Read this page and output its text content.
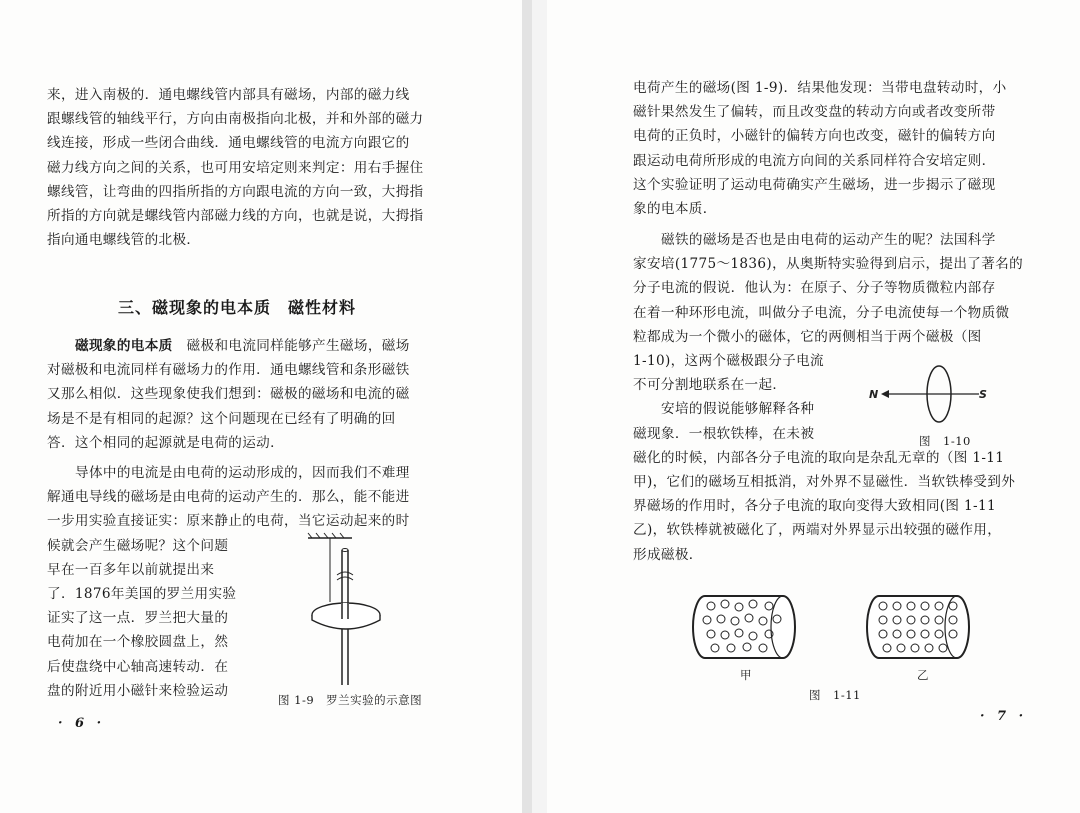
来，进入南极的．通电螺线管内部具有磁场，内部的磁力线
跟螺线管的轴线平行，方向由南极指向北极，并和外部的磁力
线连接，形成一些闭合曲线．通电螺线管的电流方向跟它的
磁力线方向之间的关系，也可用安培定则来判定：用右手握住
螺线管，让弯曲的四指所指的方向跟电流的方向一致，大拇指
所指的方向就是螺线管内部磁力线的方向，也就是说，大拇指
指向通电螺线管的北极．
三、磁现象的电本质　磁性材料
磁现象的电本质　磁极和电流同样能够产生磁场，磁场
对磁极和电流同样有磁场力的作用．通电螺线管和条形磁铁
又那么相似．这些现象使我们想到：磁极的磁场和电流的磁
场是不是有相同的起源？这个问题现在已经有了明确的回
答．这个相同的起源就是电荷的运动．
导体中的电流是由电荷的运动形成的，因而我们不难理
解通电导线的磁场是由电荷的运动产生的．那么，能不能进
一步用实验直接证实：原来静止的电荷，当它运动起来的时
候就会产生磁场呢？这个问题
早在一百多年以前就提出来
了．1876年美国的罗兰用实验
证实了这一点．罗兰把大量的
电荷加在一个橡胶圆盘上，然
后使盘绕中心轴高速转动．在
盘的附近用小磁针来检验运动
图 1-9　罗兰实验的示意图
· 6 ·
电荷产生的磁场(图 1-9)．结果他发现：当带电盘转动时，小
磁针果然发生了偏转，而且改变盘的转动方向或者改变所带
电荷的正负时，小磁针的偏转方向也改变，磁针的偏转方向
跟运动电荷所形成的电流方向间的关系同样符合安培定则．
这个实验证明了运动电荷确实产生磁场，进一步揭示了磁现
象的电本质．
磁铁的磁场是否也是由电荷的运动产生的呢？法国科学
家安培(1775～1836)，从奥斯特实验得到启示，提出了著名的
分子电流的假说．他认为：在原子、分子等物质微粒内部存
在着一种环形电流，叫做分子电流，分子电流使每一个物质微
粒都成为一个微小的磁体，它的两侧相当于两个磁极（图
1-10)，这两个磁极跟分子电流
不可分割地联系在一起．
安培的假说能够解释各种
磁现象．一根软铁棒，在未被
磁化的时候，内部各分子电流的取向是杂乱无章的（图 1-11
甲)，它们的磁场互相抵消，对外界不显磁性．当软铁棒受到外
界磁场的作用时，各分子电流的取向变得大致相同(图 1-11
乙)，软铁棒就被磁化了，两端对外界显示出较强的磁作用，
形成磁极．
N	S
图　1-10
甲	乙
图　1-11
· 7 ·
